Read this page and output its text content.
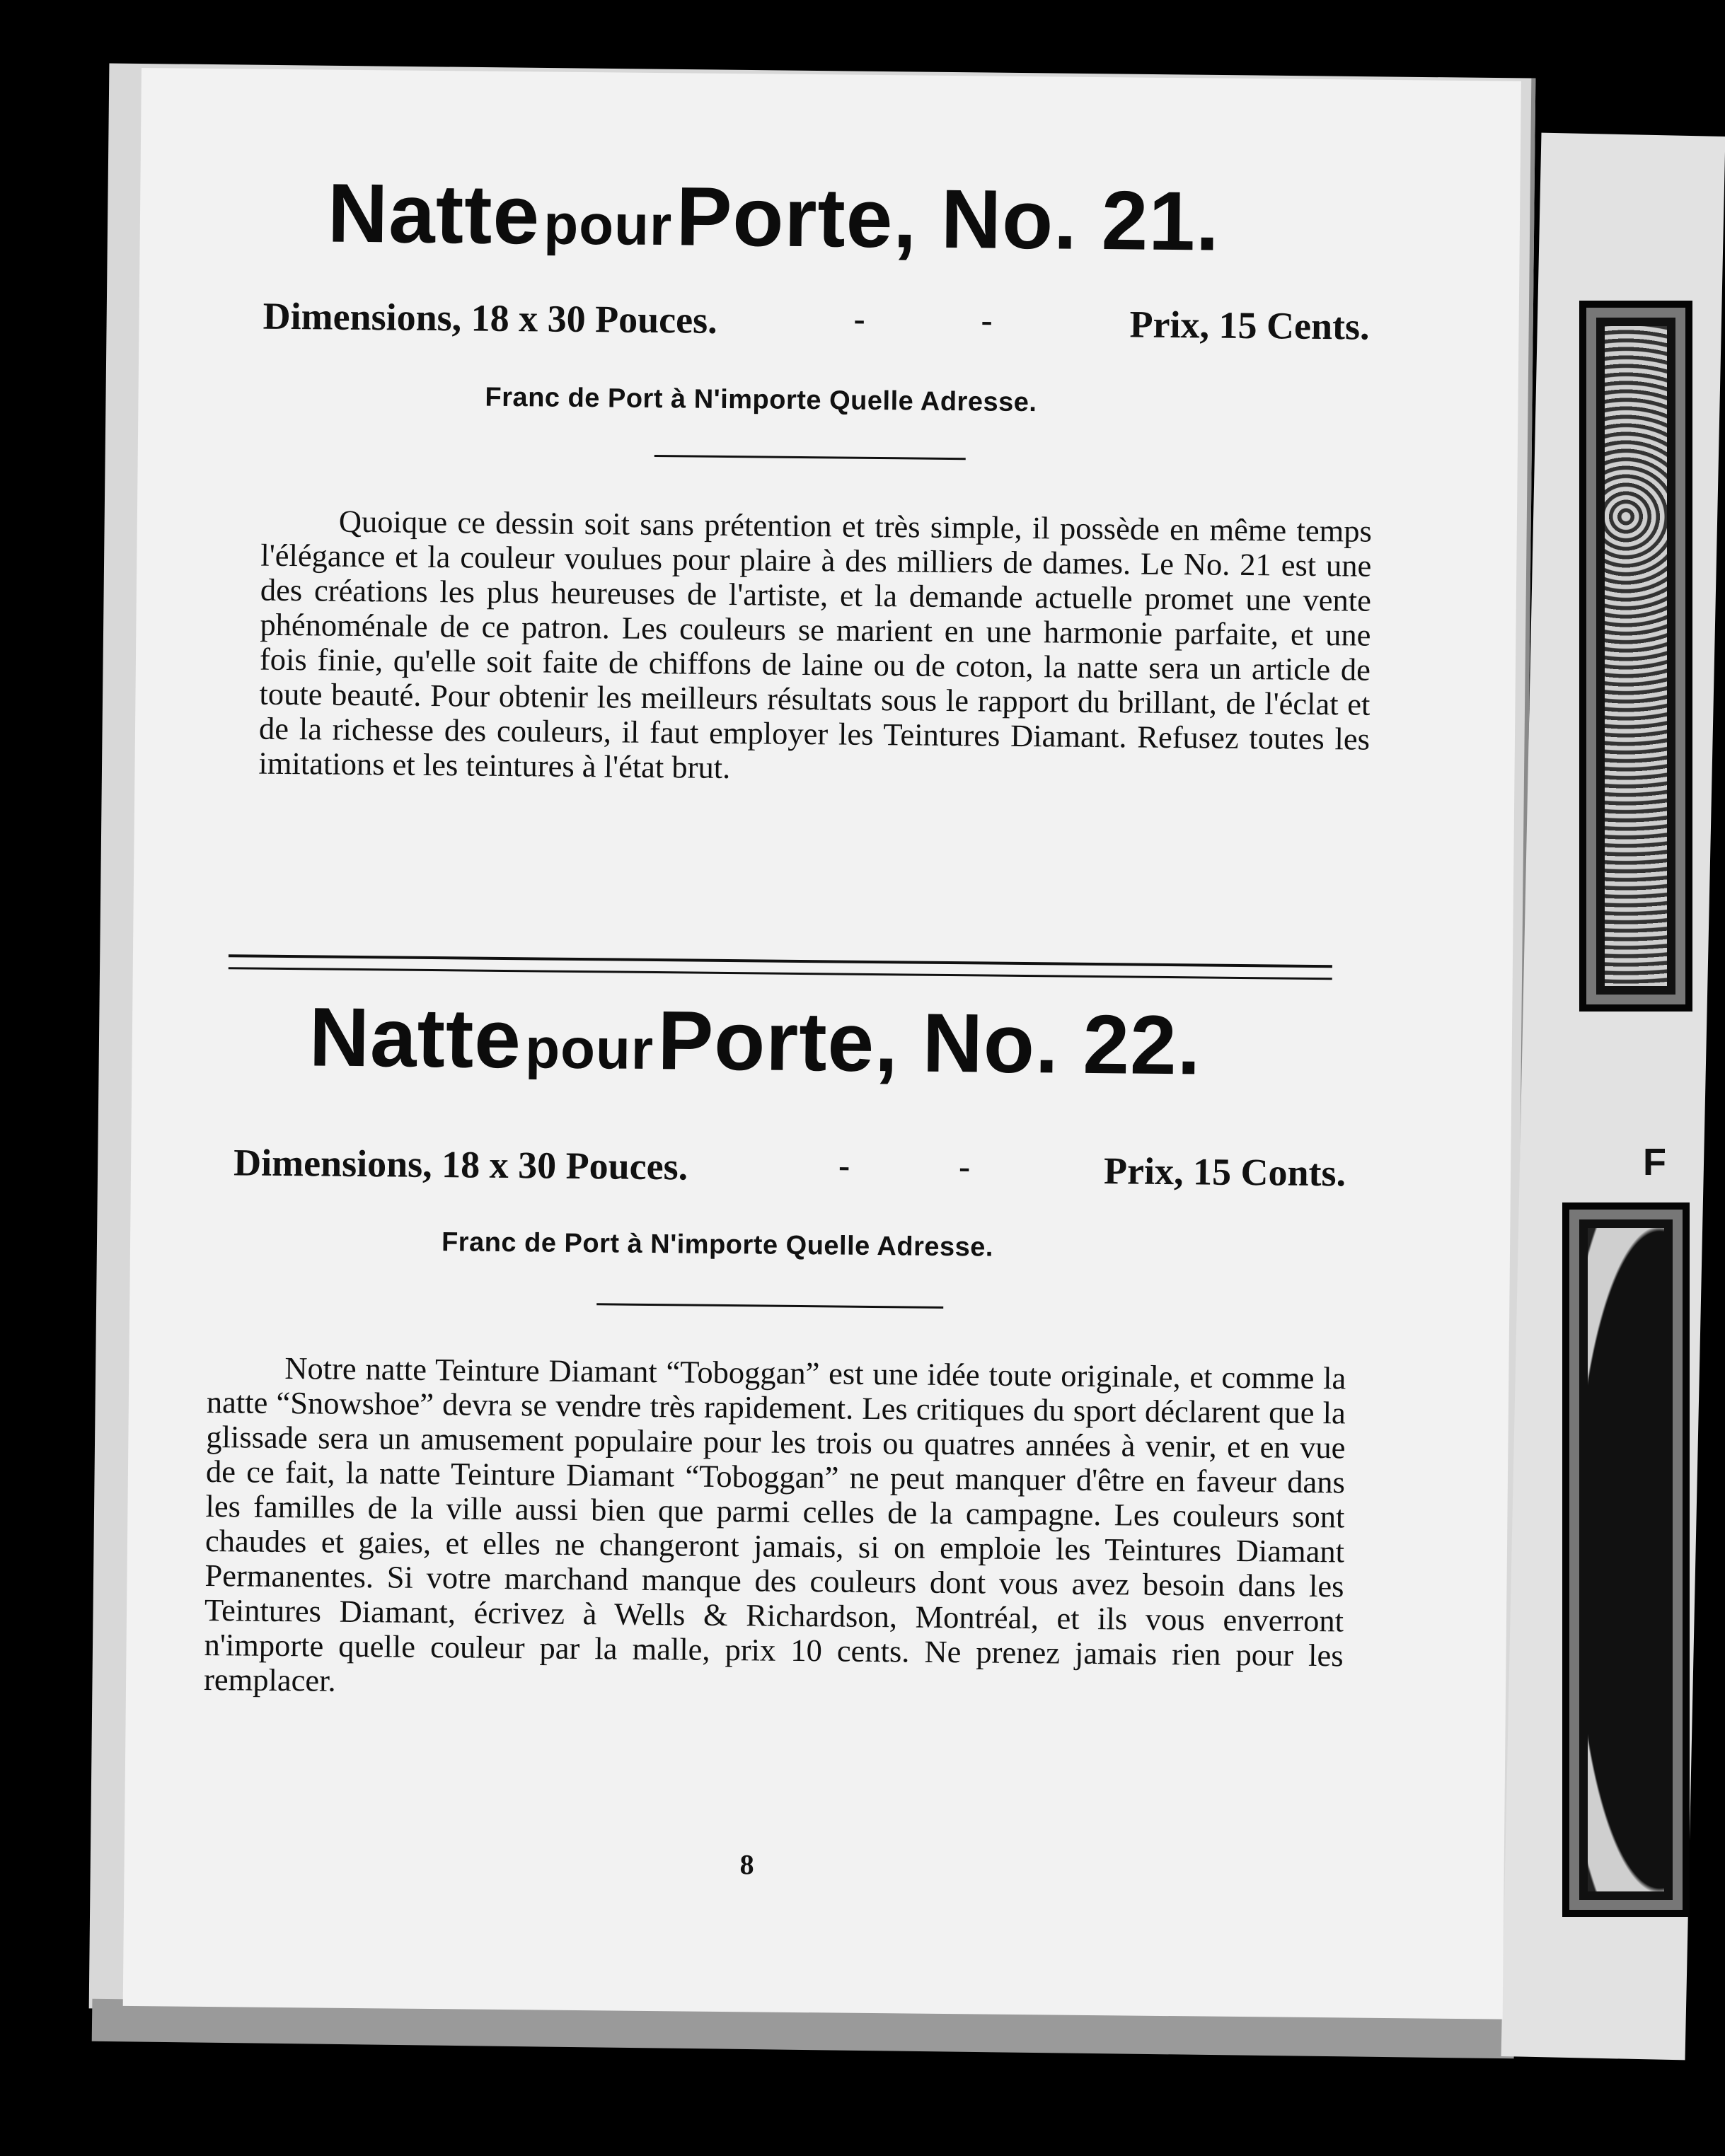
F
Natte pour Porte, No. 21.
Dimensions, 18 x 30 Pouces.	-	-	Prix, 15 Cents.
Franc de Port à N'importe Quelle Adresse.
Quoique ce dessin soit sans prétention et très simple, il possède en même temps l'élégance et la couleur voulues pour plaire à des milliers de dames. Le No. 21 est une des créations les plus heureuses de l'artiste, et la demande actuelle promet une vente phénoménale de ce patron. Les couleurs se marient en une harmonie parfaite, et une fois finie, qu'elle soit faite de chiffons de laine ou de coton, la natte sera un article de toute beauté. Pour obtenir les meilleurs résultats sous le rapport du brillant, de l'éclat et de la richesse des couleurs, il faut employer les Teintures Diamant. Refusez toutes les imitations et les teintures à l'état brut.
Natte pour Porte, No. 22.
Dimensions, 18 x 30 Pouces.	-	-	Prix, 15 Conts.
Franc de Port à N'importe Quelle Adresse.
Notre natte Teinture Diamant “Toboggan” est une idée toute originale, et comme la natte “Snowshoe” devra se vendre très rapidement. Les critiques du sport déclarent que la glissade sera un amusement populaire pour les trois ou quatres années à venir, et en vue de ce fait, la natte Teinture Diamant “Toboggan” ne peut manquer d'être en faveur dans les familles de la ville aussi bien que parmi celles de la campagne. Les couleurs sont chaudes et gaies, et elles ne changeront jamais, si on emploie les Teintures Diamant Permanentes. Si votre marchand manque des couleurs dont vous avez besoin dans les Teintures Diamant, écrivez à Wells & Richardson, Montréal, et ils vous enverront n'importe quelle couleur par la malle, prix 10 cents. Ne prenez jamais rien pour les remplacer.
8
